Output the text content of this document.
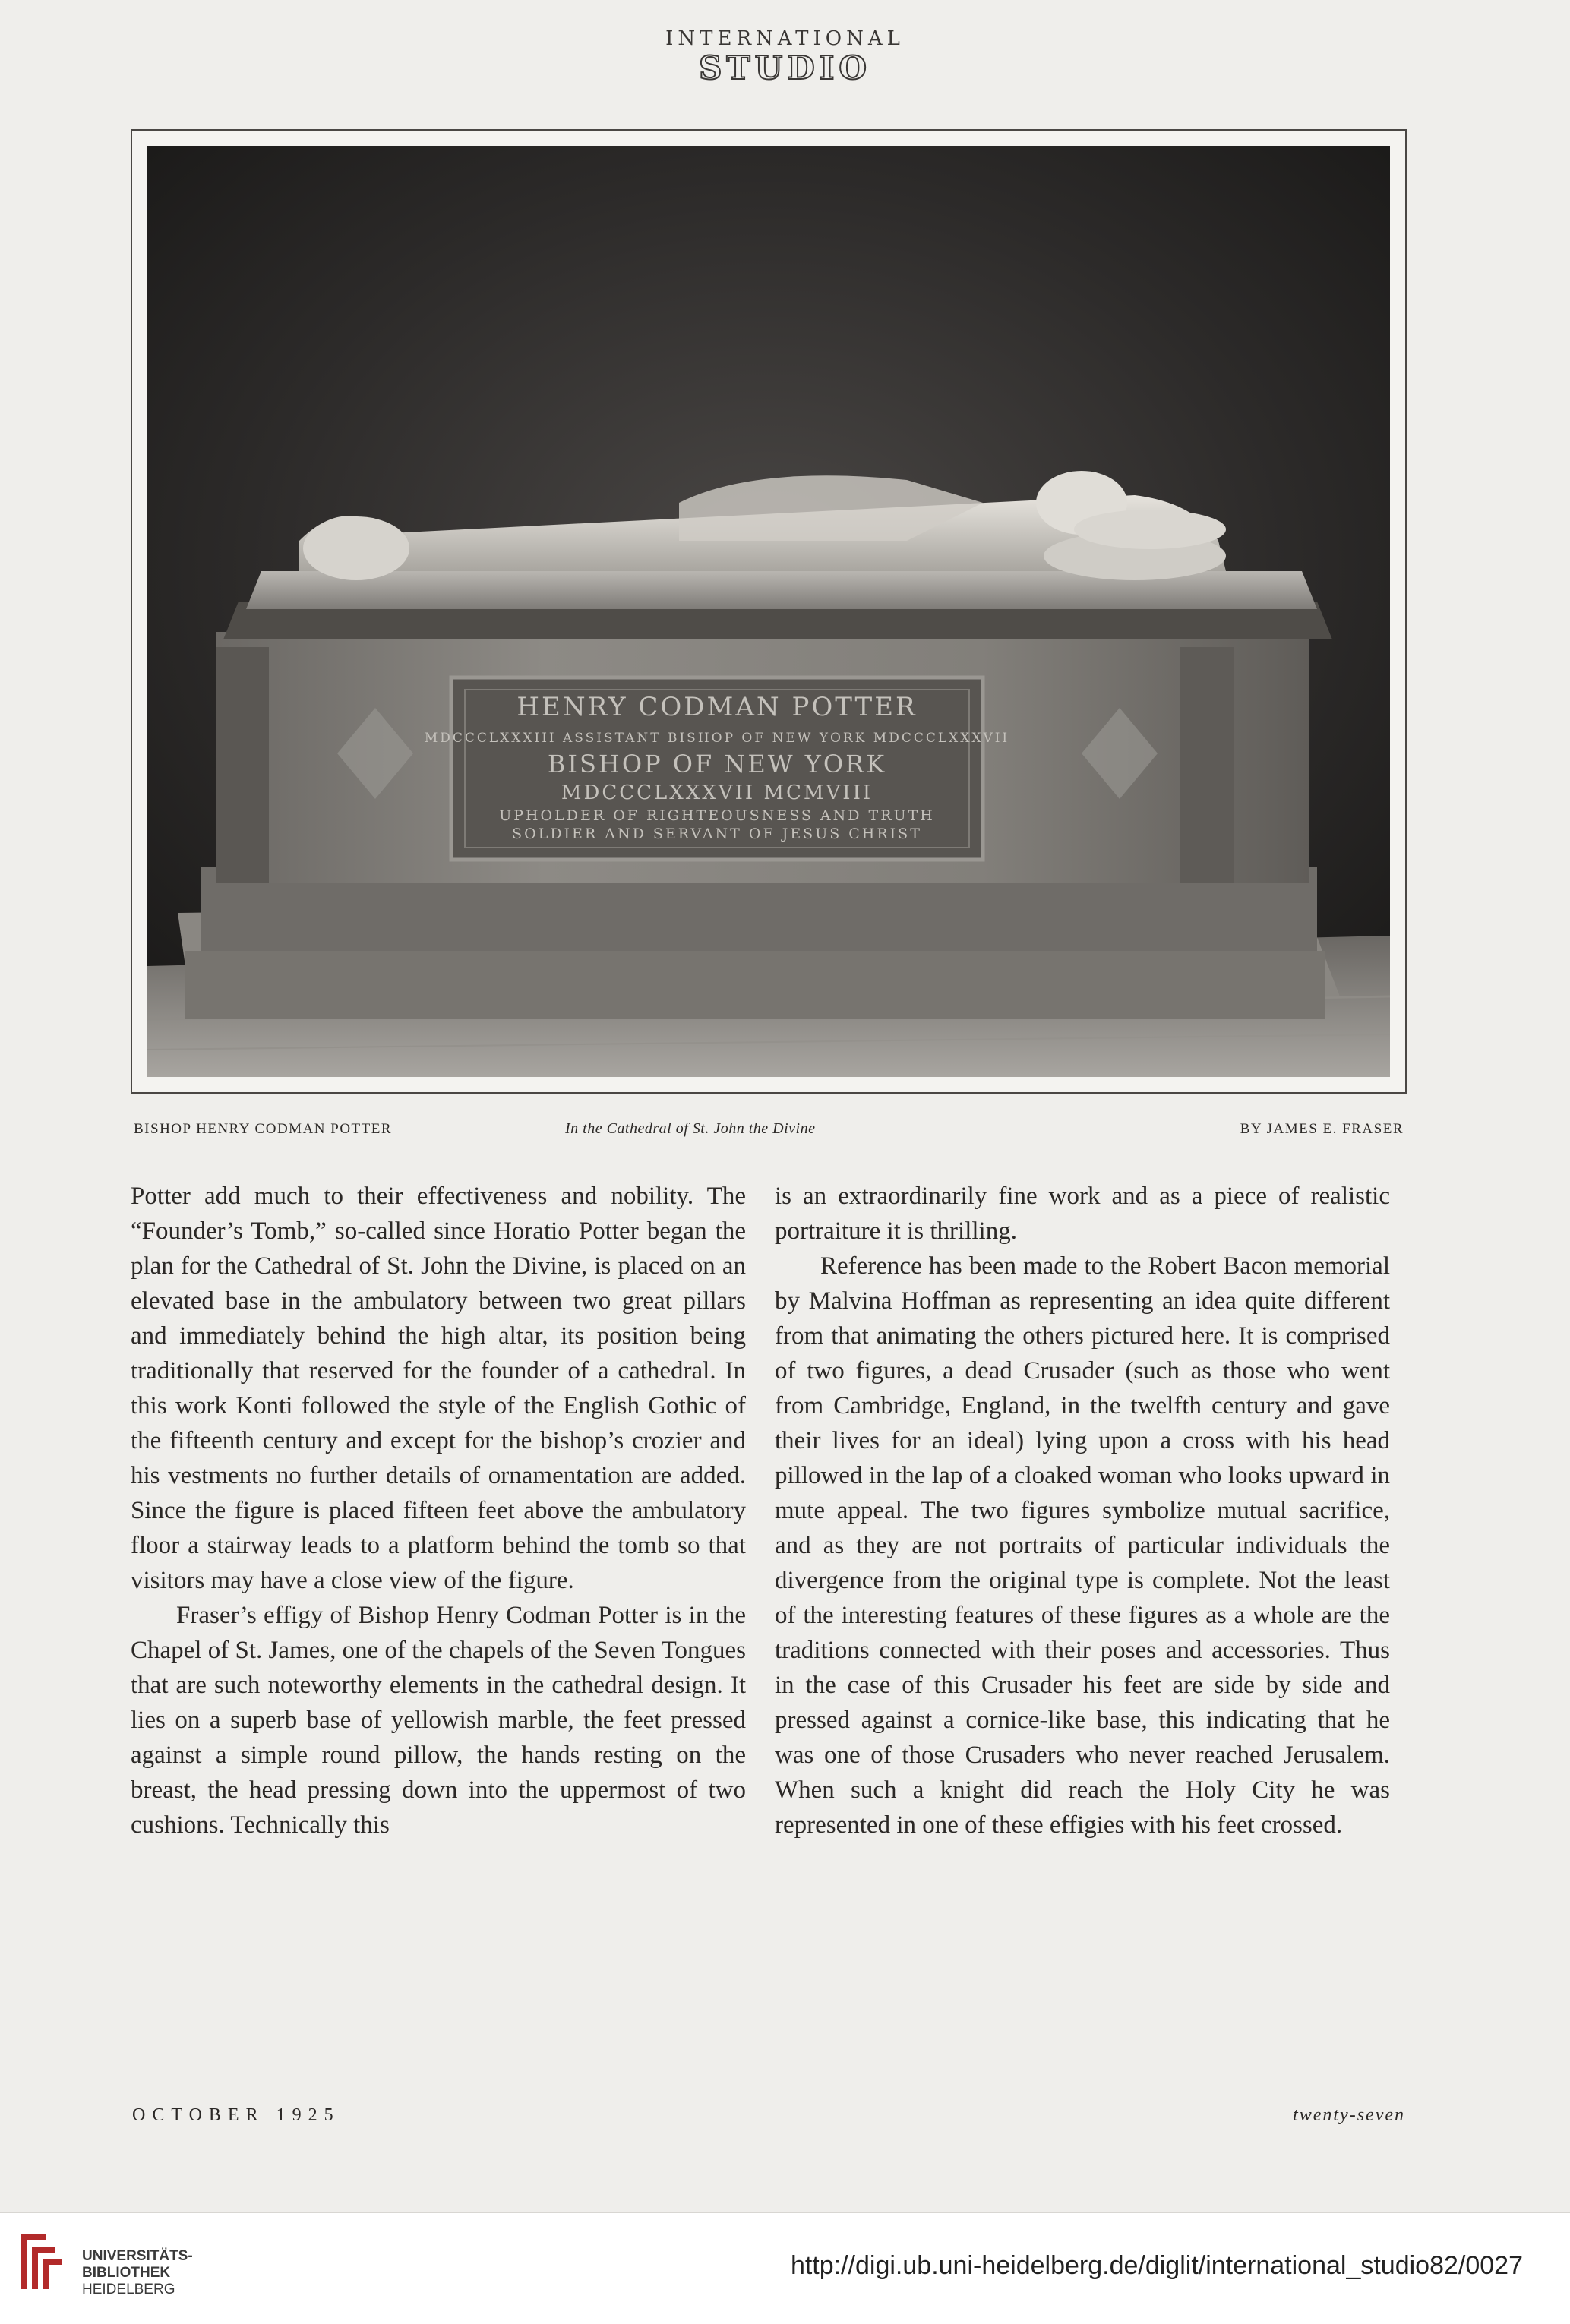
INTERNATIONAL
STUDIO
HENRY CODMAN POTTER
MDCCCLXXXIII ASSISTANT BISHOP OF NEW YORK MDCCCLXXXVII
BISHOP OF NEW YORK
MDCCCLXXXVII MCMVIII
UPHOLDER OF RIGHTEOUSNESS AND TRUTH
SOLDIER AND SERVANT OF JESUS CHRIST
BISHOP HENRY CODMAN POTTER	In the Cathedral of St. John the Divine	BY JAMES E. FRASER

Potter add much to their effectiveness and nobility. The “Founder’s Tomb,” so-called since Horatio Potter began the plan for the Cathedral of St. John the Divine, is placed on an elevated base in the ambulatory between two great pillars and immediately behind the high altar, its position being traditionally that reserved for the founder of a cathedral. In this work Konti followed the style of the English Gothic of the fifteenth century and except for the bishop’s crozier and his vestments no further details of ornamentation are added. Since the figure is placed fifteen feet above the ambulatory floor a stairway leads to a platform behind the tomb so that visitors may have a close view of the figure.

Fraser’s effigy of Bishop Henry Codman Potter is in the Chapel of St. James, one of the chapels of the Seven Tongues that are such noteworthy elements in the cathedral design. It lies on a superb base of yellowish marble, the feet pressed against a simple round pillow, the hands resting on the breast, the head pressing down into the uppermost of two cushions. Technically this

is an extraordinarily fine work and as a piece of realistic portraiture it is thrilling.

Reference has been made to the Robert Bacon memorial by Malvina Hoffman as representing an idea quite different from that animating the others pictured here. It is comprised of two figures, a dead Crusader (such as those who went from Cambridge, England, in the twelfth century and gave their lives for an ideal) lying upon a cross with his head pillowed in the lap of a cloaked woman who looks upward in mute appeal. The two figures symbolize mutual sacrifice, and as they are not portraits of particular individuals the divergence from the original type is complete. Not the least of the interesting features of these figures as a whole are the traditions connected with their poses and accessories. Thus in the case of this Crusader his feet are side by side and pressed against a cornice-like base, this indicating that he was one of those Crusaders who never reached Jerusalem. When such a knight did reach the Holy City he was represented in one of these effigies with his feet crossed.

OCTOBER 1925	twenty-seven
UNIVERSITÄTS-
BIBLIOTHEK
HEIDELBERG
http://digi.ub.uni-heidelberg.de/diglit/international_studio82/0027
